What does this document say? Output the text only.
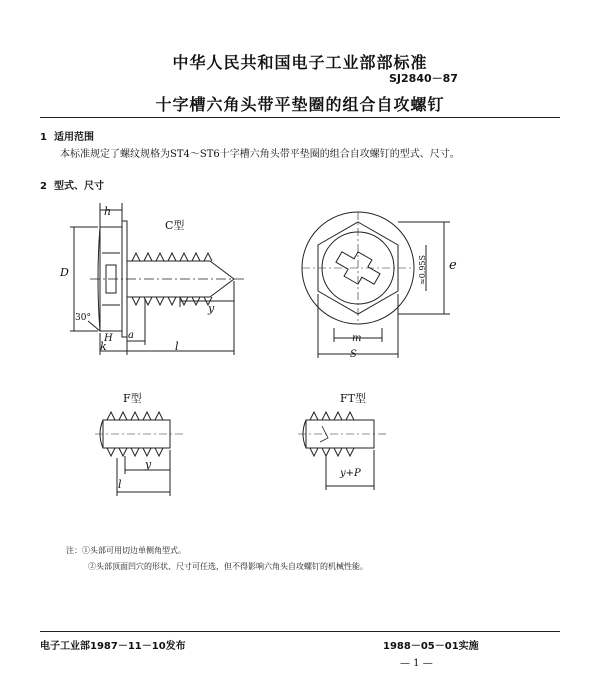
中华人民共和国电子工业部部标准
SJ2840－87
十字槽六角头带平垫圈的组合自攻螺钉
1 适用范围
本标准规定了螺纹规格为ST4～ST6十字槽六角头带平垫圈的组合自攻螺钉的型式、尺寸。
2 型式、尺寸
h
D
30°
H a
k	l
y
C型
e
≈0.95S
m
S
F型
y
l
FT型
y+P
注：①头部可用切边单侧角型式。
②头部顶面凹穴的形状、尺寸可任选，但不得影响六角头自攻螺钉的机械性能。
电子工业部1987－11－10发布	1988－05－01实施
— 1 —
